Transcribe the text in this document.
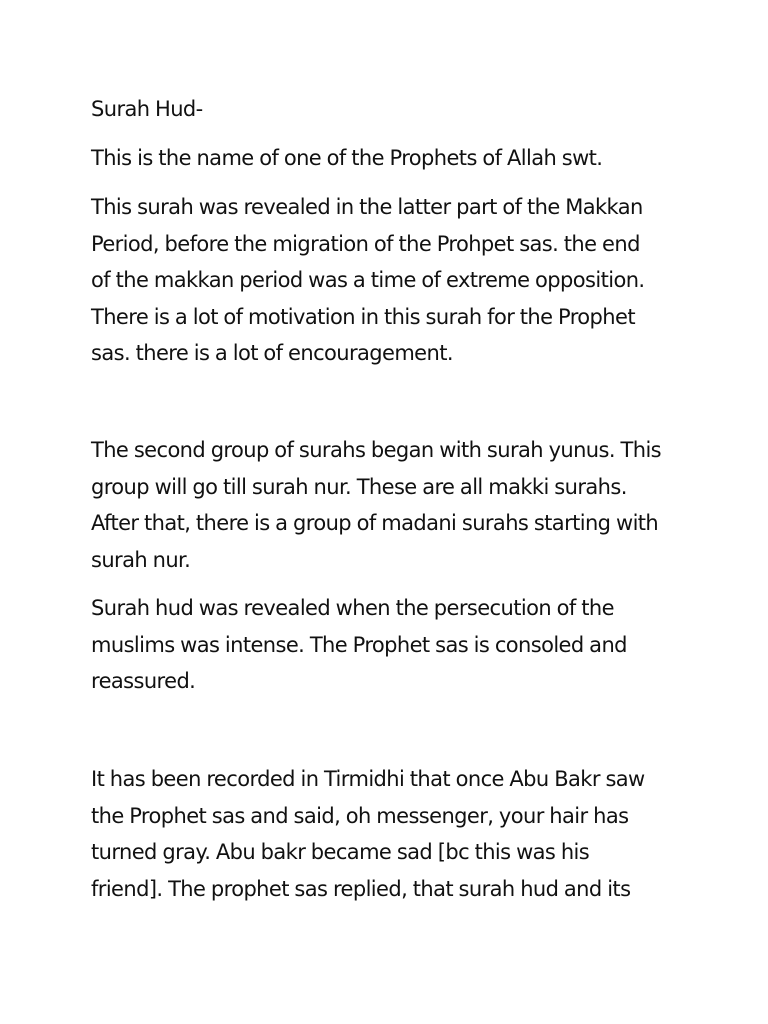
Surah Hud-

This is the name of one of the Prophets of Allah swt.

This surah was revealed in the latter part of the Makkan
Period, before the migration of the Prohpet sas. the end
of the makkan period was a time of extreme opposition.
There is a lot of motivation in this surah for the Prophet
sas. there is a lot of encouragement.

The second group of surahs began with surah yunus. This
group will go till surah nur. These are all makki surahs.
After that, there is a group of madani surahs starting with
surah nur.

Surah hud was revealed when the persecution of the
muslims was intense. The Prophet sas is consoled and
reassured.

It has been recorded in Tirmidhi that once Abu Bakr saw
the Prophet sas and said, oh messenger, your hair has
turned gray. Abu bakr became sad [bc this was his
friend]. The prophet sas replied, that surah hud and its
